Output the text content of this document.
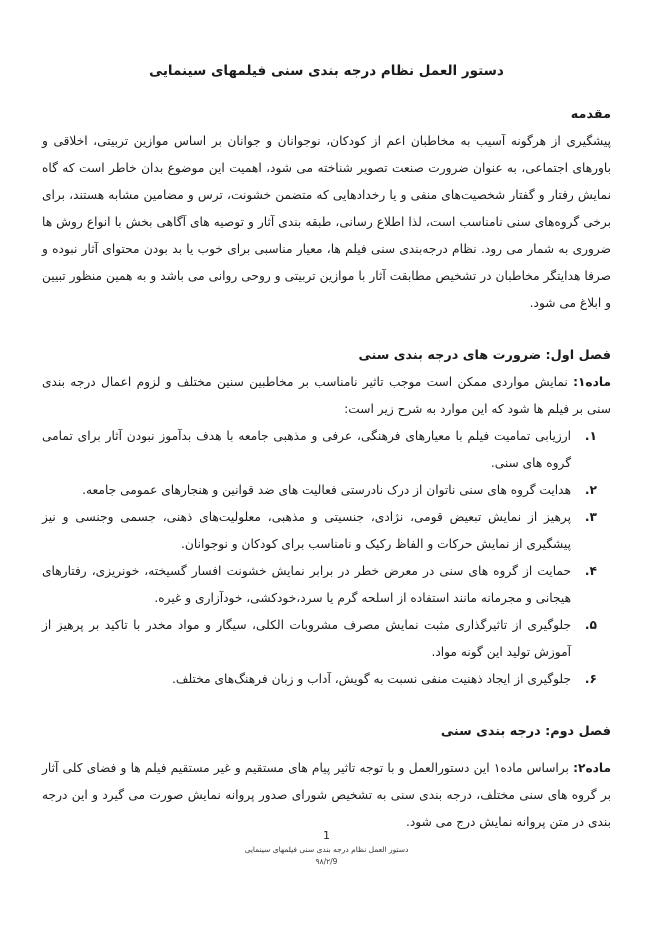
دستور العمل نظام درجه بندی سنی فیلمهای سینمایی
مقدمه

پیشگیری از هرگونه آسیب به مخاطبان اعم از کودکان، نوجوانان و جوانان بر اساس موازین تربیتی، اخلاقی و باورهای اجتماعی، به عنوان ضرورت صنعت تصویر شناخته می شود، اهمیت این موضوع بدان خاطر است که گاه نمایش رفتار و گفتار شخصیت‌های منفی و یا رخدادهایی که متضمن خشونت، ترس و مضامین مشابه هستند، برای برخی گروه‌های سنی نامناسب است، لذا اطلاع رسانی، طبقه بندی آثار و توصیه های آگاهی بخش با انواع روش ها ضروری به شمار می رود. نظام درجه‌بندی سنی فیلم ها، معیار مناسبی برای خوب یا بد بودن محتوای آثار نبوده و صرفا هدایتگر مخاطبان در تشخیص مطابقت آثار با موازین تربیتی و روحی روانی می باشد و به همین منظور تبیین و ابلاغ می شود.

فصل اول: ضرورت های درجه بندی سنی

ماده۱: نمایش مواردی ممکن است موجب تاثیر نامناسب بر مخاطبین سنین مختلف و لزوم اعمال درجه بندی سنی بر فیلم ها شود که این موارد به شرح زیر است:

۱.
ارزیابی تمامیت فیلم با معیارهای فرهنگی، عرفی و مذهبی جامعه با هدف بدآموز نبودن آثار برای تمامی گروه های سنی.
۲.
هدایت گروه های سنی ناتوان از درک نادرستی فعالیت های ضد قوانین و هنجارهای عمومی جامعه.
۳.
پرهیز از نمایش تبعیض قومی، نژادی، جنسیتی و مذهبی، معلولیت‌های ذهنی، جسمی وجنسی و نیز پیشگیری از نمایش حرکات و الفاظ رکیک و نامناسب برای کودکان و نوجوانان.
۴.
حمایت از گروه های سنی در معرض خطر در برابر نمایش خشونت افسار گسیخته، خونریزی، رفتارهای هیجانی و مجرمانه مانند استفاده از اسلحه گرم یا سرد،خودکشی، خودآزاری و غیره.
۵.
جلوگیری از تاثیرگذاری مثبت نمایش مصرف مشروبات الکلی، سیگار و مواد مخدر با تاکید بر پرهیز از آموزش تولید این گونه مواد.
۶.
جلوگیری از ایجاد ذهنیت منفی نسبت به گویش، آداب و زبان فرهنگ‌های مختلف.
فصل دوم: درجه بندی سنی

ماده۲: براساس ماده۱ این دستورالعمل و با توجه تاثیر پیام های مستقیم و غیر مستقیم فیلم ها و فضای کلی آثار بر گروه های سنی مختلف، درجه بندی سنی به تشخیص شورای صدور پروانه نمایش صورت می گیرد و این درجه بندی در متن پروانه نمایش درج می شود.

1
دستور العمل نظام درجه بندی سنی فیلمهای سینمایی
۹۸/۲/9
